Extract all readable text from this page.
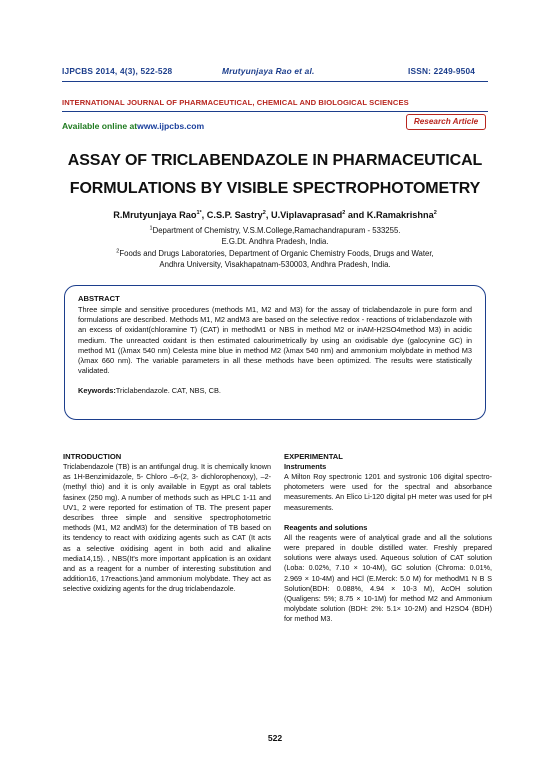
IJPCBS 2014, 4(3), 522-528	Mrutyunjaya Rao et al.	ISSN: 2249-9504
INTERNATIONAL JOURNAL OF PHARMACEUTICAL, CHEMICAL AND BIOLOGICAL SCIENCES
Available online atwww.ijpcbs.com	Research Article
ASSAY OF TRICLABENDAZOLE IN PHARMACEUTICAL
FORMULATIONS BY VISIBLE SPECTROPHOTOMETRY
R.Mrutyunjaya Rao$^{1*}$, C.S.P. Sastry$^2$, U.Viplavaprasad$^2$ and K.Ramakrishna$^2$
$^1$Department of Chemistry, V.S.M.College,Ramachandrapuram - 533255.
E.G.Dt. Andhra Pradesh, India.
$^2$Foods and Drugs Laboratories, Department of Organic Chemistry Foods, Drugs and Water,
Andhra University, Visakhapatnam-530003, Andhra Pradesh, India.
ABSTRACT

Three simple and sensitive procedures (methods M1, M2 and M3) for the assay of triclabendazole in pure form and formulations are described. Methods M1, M2 andM3 are based on the selective redox - reactions of triclabendazole with an excess of oxidant(chloramine T) (CAT) in methodM1 or NBS in method M2 or inAM-H2SO4method M3) in acidic medium. The unreacted oxidant is then estimated calourimetrically by using an oxidisable dye (galocynine GC) in method M1 ((λmax 540 nm) Celesta mine blue in method M2 (λmax 540 nm) and ammonium molybdate in method M3 (λmax 660 nm). The variable parameters in all these methods have been optimized. The results were statistically validated.

Keywords:Triclabendazole. CAT, NBS, CB.

INTRODUCTION

Triclabendazole (TB) is an antifungal drug. It is chemically known as 1H-Benzimidazole, 5- Chloro –6-(2, 3- dichlorophenoxy), –2-(methyl thio) and it is only available in Egypt as oral tablets fasinex (250 mg). A number of methods such as HPLC 1-11 and UV1, 2 were reported for estimation of TB. The present paper describes three simple and sensitive spectrophotometric methods (M1, M2 andM3) for the determination of TB based on its tendency to react with oxidizing agents such as CAT (It acts as a selective oxidising agent in both acid and alkaline media14,15). , NBS(It's more important application is an oxidant and as a reagent for a number of interesting substitution and addition16, 17reactions.)and ammonium molybdate. They act as selective oxidizing agents for the drug triclabendazole.

EXPERIMENTAL
Instruments

A Milton Roy spectronic 1201 and systronic 106 digital spectro- photometers were used for the spectral and absorbance measurements. An Elico Li-120 digital pH meter was used for pH measurements.

Reagents and solutions

All the reagents were of analytical grade and all the solutions were prepared in double distilled water. Freshly prepared solutions were always used. Aqueous solution of CAT solution (Loba: 0.02%, 7.10 × 10-4M), GC solution (Chroma: 0.01%, 2.969 × 10-4M) and HCl (E.Merck: 5.0 M) for methodM1 N B S Solution(BDH: 0.088%, 4.94 × 10-3 M), AcOH solution (Qualigens: 5%; 8.75 × 10-1M) for method M2 and Ammonium molybdate solution (BDH: 2%: 5.1× 10-2M) and H2SO4 (BDH) for method M3.

522
